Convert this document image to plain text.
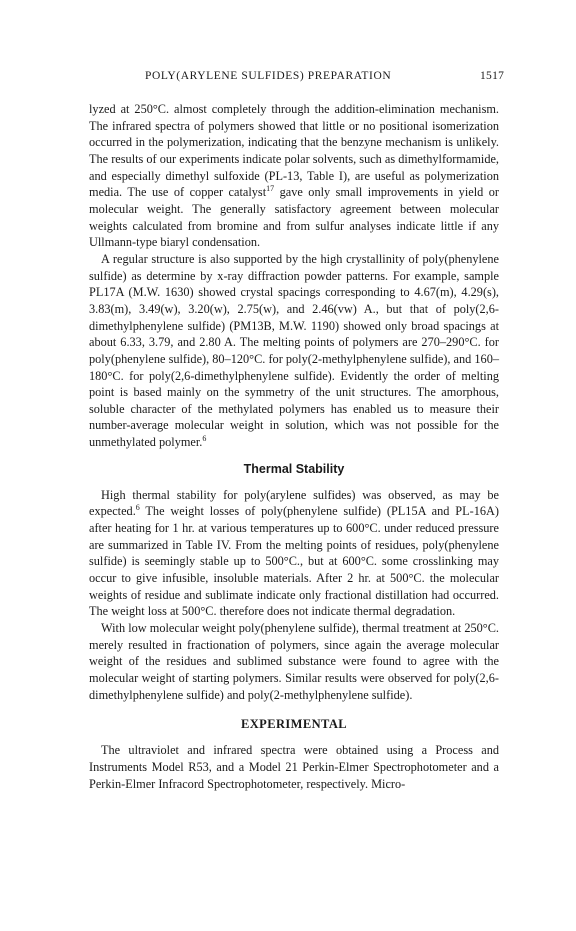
POLY(ARYLENE SULFIDES) PREPARATION	1517

lyzed at 250°C. almost completely through the addition-elimination mechanism. The infrared spectra of polymers showed that little or no positional isomerization occurred in the polymerization, indicating that the benzyne mechanism is unlikely. The results of our experiments indicate polar solvents, such as dimethylformamide, and especially dimethyl sulfoxide (PL-13, Table I), are useful as polymerization media. The use of copper catalyst$^{17}$ gave only small improvements in yield or molecular weight. The generally satisfactory agreement between molecular weights calculated from bromine and from sulfur analyses indicate little if any Ullmann-type biaryl condensation.

A regular structure is also supported by the high crystallinity of poly(phenylene sulfide) as determine by x-ray diffraction powder patterns. For example, sample PL17A (M.W. 1630) showed crystal spacings corresponding to 4.67(m), 4.29(s), 3.83(m), 3.49(w), 3.20(w), 2.75(w), and 2.46(vw) A., but that of poly(2,6-dimethylphenylene sulfide) (PM13B, M.W. 1190) showed only broad spacings at about 6.33, 3.79, and 2.80 A. The melting points of polymers are 270–290°C. for poly(phenylene sulfide), 80–120°C. for poly(2-methylphenylene sulfide), and 160–180°C. for poly(2,6-dimethylphenylene sulfide). Evidently the order of melting point is based mainly on the symmetry of the unit structures. The amorphous, soluble character of the methylated polymers has enabled us to measure their number-average molecular weight in solution, which was not possible for the unmethylated polymer.$^6$

Thermal Stability

High thermal stability for poly(arylene sulfides) was observed, as may be expected.$^6$ The weight losses of poly(phenylene sulfide) (PL15A and PL-16A) after heating for 1 hr. at various temperatures up to 600°C. under reduced pressure are summarized in Table IV. From the melting points of residues, poly(phenylene sulfide) is seemingly stable up to 500°C., but at 600°C. some crosslinking may occur to give infusible, insoluble materials. After 2 hr. at 500°C. the molecular weights of residue and sublimate indicate only fractional distillation had occurred. The weight loss at 500°C. therefore does not indicate thermal degradation.

With low molecular weight poly(phenylene sulfide), thermal treatment at 250°C. merely resulted in fractionation of polymers, since again the average molecular weight of the residues and sublimed substance were found to agree with the molecular weight of starting polymers. Similar results were observed for poly(2,6-dimethylphenylene sulfide) and poly(2-methylphenylene sulfide).

EXPERIMENTAL

The ultraviolet and infrared spectra were obtained using a Process and Instruments Model R53, and a Model 21 Perkin-Elmer Spectrophotometer and a Perkin-Elmer Infracord Spectrophotometer, respectively. Micro-
